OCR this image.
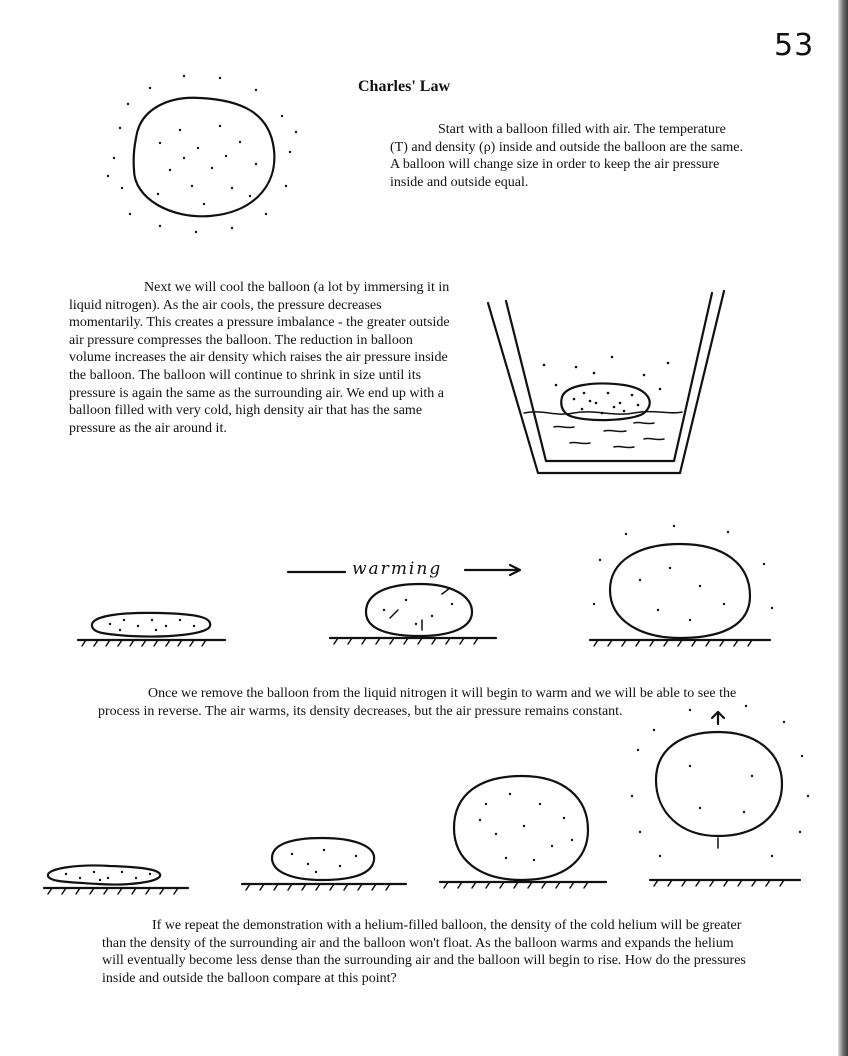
53
Charles' Law

Start with a balloon filled with air. The temperature (T) and density (ρ) inside and outside the balloon are the same. A balloon will change size in order to keep the air pressure inside and outside equal.

Next we will cool the balloon (a lot by immersing it in liquid nitrogen). As the air cools, the pressure decreases momentarily. This creates a pressure imbalance - the greater outside air pressure compresses the balloon. The reduction in balloon volume increases the air density which raises the air pressure inside the balloon. The balloon will continue to shrink in size until its pressure is again the same as the surrounding air. We end up with a balloon filled with very cold, high density air that has the same pressure as the air around it.

Once we remove the balloon from the liquid nitrogen it will begin to warm and we will be able to see the process in reverse. The air warms, its density decreases, but the air pressure remains constant.

If we repeat the demonstration with a helium-filled balloon, the density of the cold helium will be greater than the density of the surrounding air and the balloon won't float. As the balloon warms and expands the helium will eventually become less dense than the surrounding air and the balloon will begin to rise. How do the pressures inside and outside the balloon compare at this point?

warming
